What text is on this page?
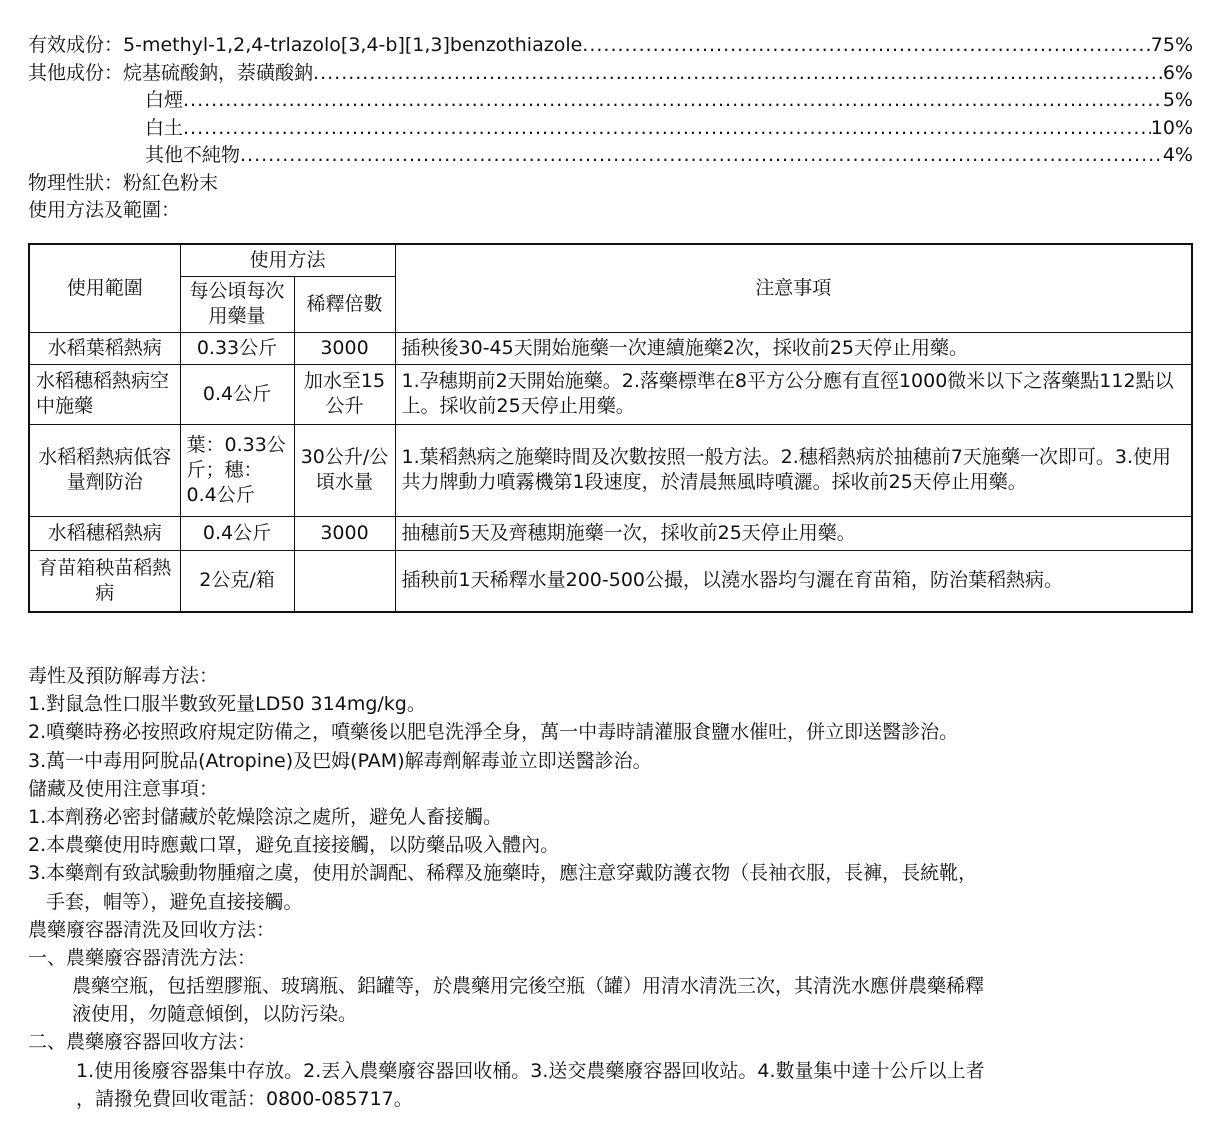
有效成份： 5-methyl-1,2,4-trlazolo[3,4-b][1,3]benzothiazole .....	75%
其他成份： 烷基硫酸鈉，萘磺酸鈉 .....	6%
白煙 .....	5%
白土 .....	10%
其他不純物 .....	4%
物理性狀：粉紅色粉末
使用方法及範圍：
使用範圍	使用方法		注意事項
	每公頃每次用藥量	稀釋倍數	
水稻葉稻熱病	0.33公斤	3000	插秧後30-45天開始施藥一次連續施藥2次，採收前25天停止用藥。
水稻穗稻熱病空中施藥	0.4公斤	加水至15公升	1.孕穗期前2天開始施藥。2.落藥標準在8平方公分應有直徑1000微米以下之落藥點112點以上。採收前25天停止用藥。
水稻稻熱病低容量劑防治	葉：0.33公斤；穗：0.4公斤	30公升/公頃水量	1.葉稻熱病之施藥時間及次數按照一般方法。2.穗稻熱病於抽穗前7天施藥一次即可。3.使用共力牌動力噴霧機第1段速度，於清晨無風時噴灑。採收前25天停止用藥。
水稻穗稻熱病	0.4公斤	3000	抽穗前5天及齊穗期施藥一次，採收前25天停止用藥。
育苗箱秧苗稻熱病	2公克/箱		插秧前1天稀釋水量200-500公撮，以澆水器均勻灑在育苗箱，防治葉稻熱病。
毒性及預防解毒方法：
1.對鼠急性口服半數致死量LD50 314mg/kg。
2.噴藥時務必按照政府規定防備之，噴藥後以肥皂洗淨全身，萬一中毒時請灌服食鹽水催吐，併立即送醫診治。
3.萬一中毒用阿脫品(Atropine)及巴姆(PAM)解毒劑解毒並立即送醫診治。
儲藏及使用注意事項：
1.本劑務必密封儲藏於乾燥陰涼之處所，避免人畜接觸。
2.本農藥使用時應戴口罩，避免直接接觸，以防藥品吸入體內。
3.本藥劑有致試驗動物腫瘤之虞，使用於調配、稀釋及施藥時，應注意穿戴防護衣物（長袖衣服，長褲，長統靴，
手套，帽等），避免直接接觸。
農藥廢容器清洗及回收方法：
一、農藥廢容器清洗方法：
農藥空瓶，包括塑膠瓶、玻璃瓶、鋁罐等，於農藥用完後空瓶（罐）用清水清洗三次，其清洗水應併農藥稀釋
液使用，勿隨意傾倒，以防污染。
二、農藥廢容器回收方法：
1.使用後廢容器集中存放。2.丟入農藥廢容器回收桶。3.送交農藥廢容器回收站。4.數量集中達十公斤以上者
，請撥免費回收電話：0800-085717。
